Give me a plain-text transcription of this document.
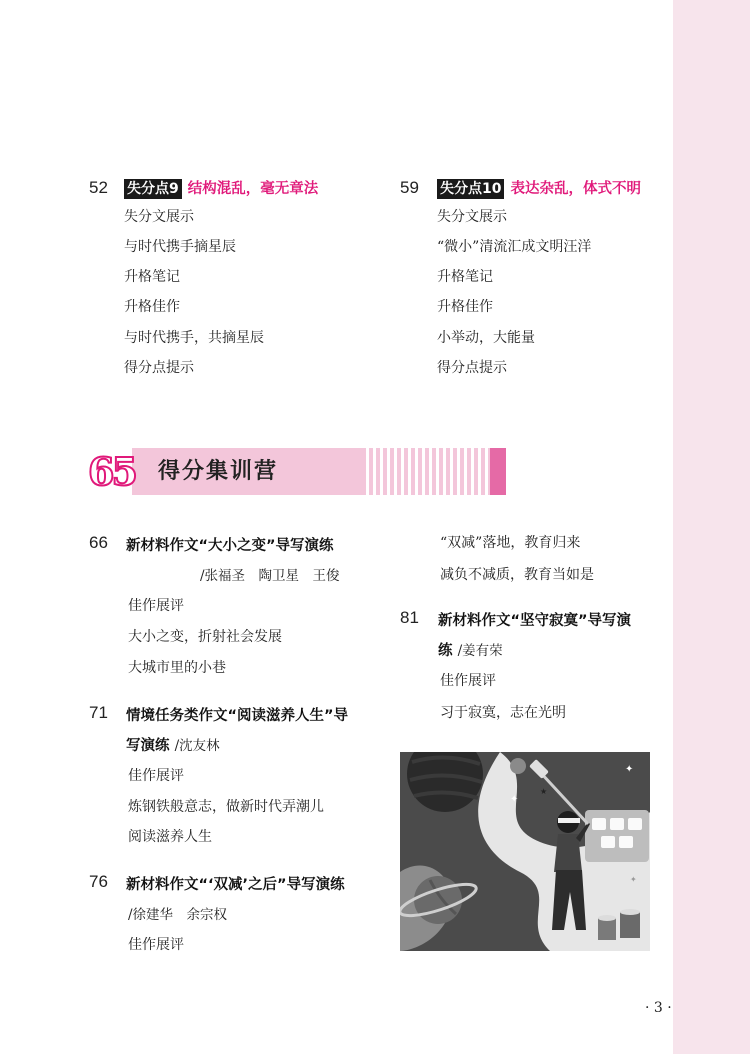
52 失分点9 结构混乱，毫无章法
失分文展示
与时代携手摘星辰
升格笔记
升格佳作
与时代携手，共摘星辰
得分点提示
59 失分点10 表达杂乱，体式不明
失分文展示
“微小”清流汇成文明汪洋
升格笔记
升格佳作
小举动，大能量
得分点提示
65 得分集训营
66 新材料作文“大小之变”导写演练
/张福圣　陶卫星　王俊
佳作展评
大小之变，折射社会发展
大城市里的小巷
71 情境任务类作文“阅读滋养人生”导
写演练 /沈友林
佳作展评
炼钢铁般意志，做新时代弄潮儿
阅读滋养人生
76 新材料作文“‘双减’之后”导写演练
/徐建华　余宗权
佳作展评
“双减”落地，教育归来
减负不减质，教育当如是
81 新材料作文“坚守寂寞”导写演
练 /姜有荣
佳作展评
习于寂寞，志在光明
✦
✦
✦
★
· 3 ·
